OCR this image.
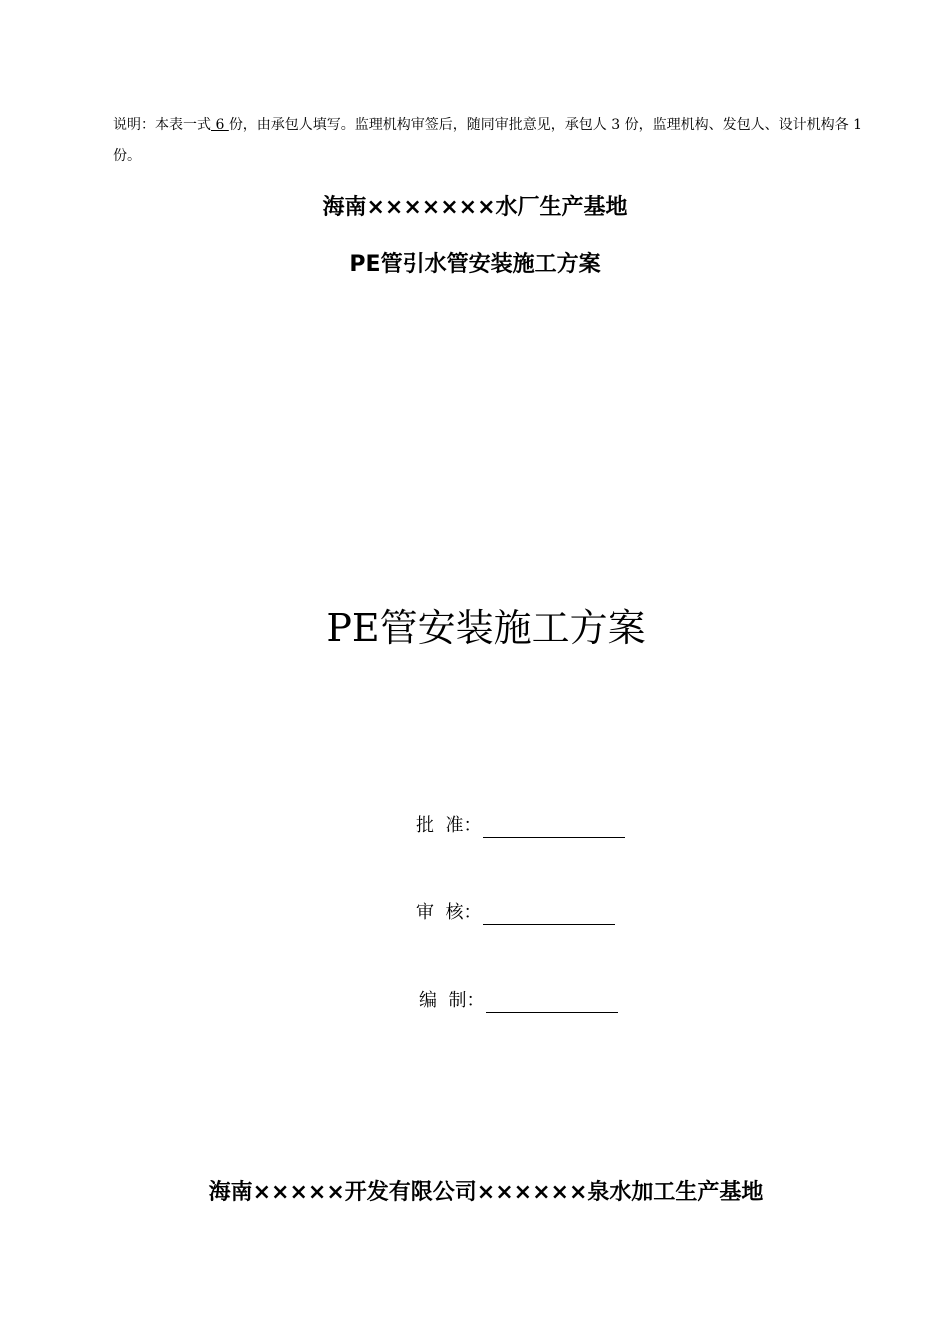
说明：本表一式 6 份，由承包人填写。监理机构审签后，随同审批意见，承包人 3 份，监理机构、发包人、设计机构各 1 份。

海南×××××××水厂生产基地
PE管引水管安装施工方案
PE管安装施工方案
批  准：
审  核：
编  制：
海南×××××开发有限公司××××××泉水加工生产基地
